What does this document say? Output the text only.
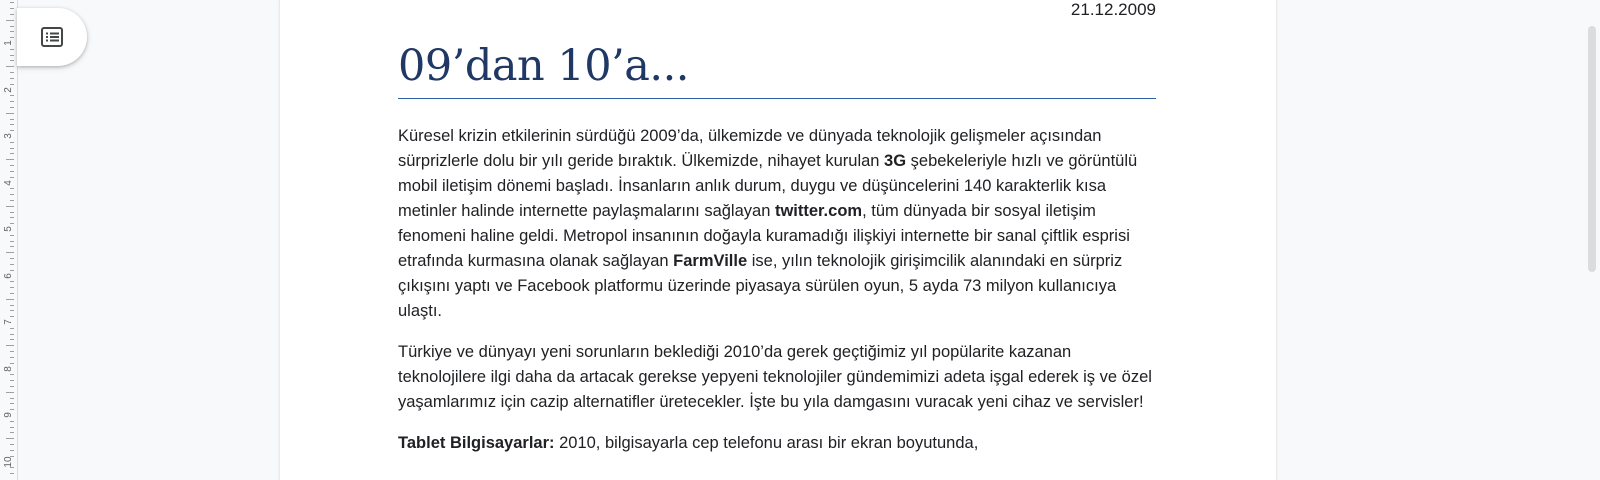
1
2
3
4
5
6
7
8
9
10
21.12.2009
09’dan 10’a...

Küresel krizin etkilerinin sürdüğü 2009’da, ülkemizde ve dünyada teknolojik gelişmeler açısından sürprizlerle dolu bir yılı geride bıraktık. Ülkemizde, nihayet kurulan 3G şebekeleriyle hızlı ve görüntülü mobil iletişim dönemi başladı. İnsanların anlık durum, duygu ve düşüncelerini 140 karakterlik kısa metinler halinde internette paylaşmalarını sağlayan twitter.com, tüm dünyada bir sosyal iletişim fenomeni haline geldi. Metropol insanının doğayla kuramadığı ilişkiyi internette bir sanal çiftlik esprisi etrafında kurmasına olanak sağlayan FarmVille ise, yılın teknolojik girişimcilik alanındaki en sürpriz çıkışını yaptı ve Facebook platformu üzerinde piyasaya sürülen oyun, 5 ayda 73 milyon kullanıcıya ulaştı.

Türkiye ve dünyayı yeni sorunların beklediği 2010’da gerek geçtiğimiz yıl popülarite kazanan teknolojilere ilgi daha da artacak gerekse yepyeni teknolojiler gündemimizi adeta işgal ederek iş ve özel yaşamlarımız için cazip alternatifler üretecekler. İşte bu yıla damgasını vuracak yeni cihaz ve servisler!

Tablet Bilgisayarlar: 2010, bilgisayarla cep telefonu arası bir ekran boyutunda,
